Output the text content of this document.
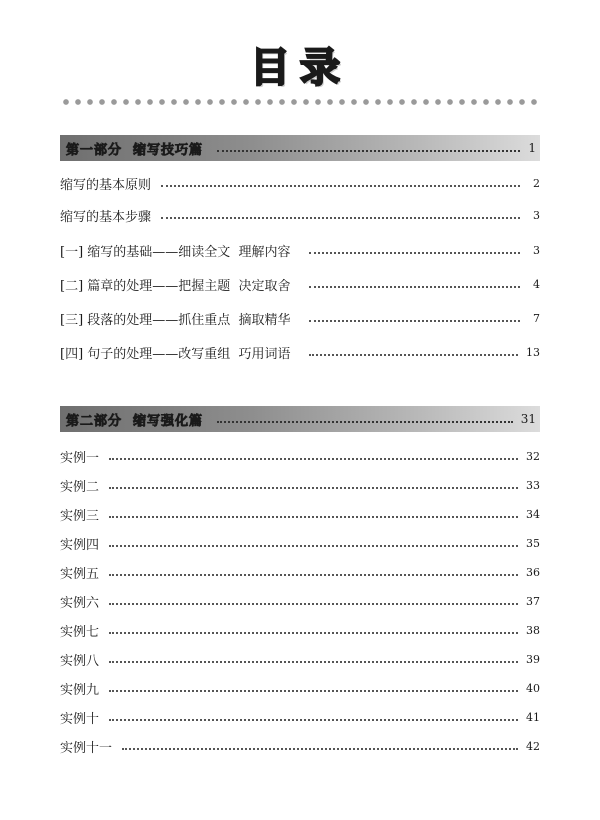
目录
第一部分  缩写技巧篇	1
缩写的基本原则	2
缩写的基本步骤	3
[一] 缩写的基础——细读全文  理解内容	3
[二] 篇章的处理——把握主题  决定取舍	4
[三] 段落的处理——抓住重点  摘取精华	7
[四] 句子的处理——改写重组  巧用词语	13
第二部分  缩写强化篇	31
实例一	32
实例二	33
实例三	34
实例四	35
实例五	36
实例六	37
实例七	38
实例八	39
实例九	40
实例十	41
实例十一	42
